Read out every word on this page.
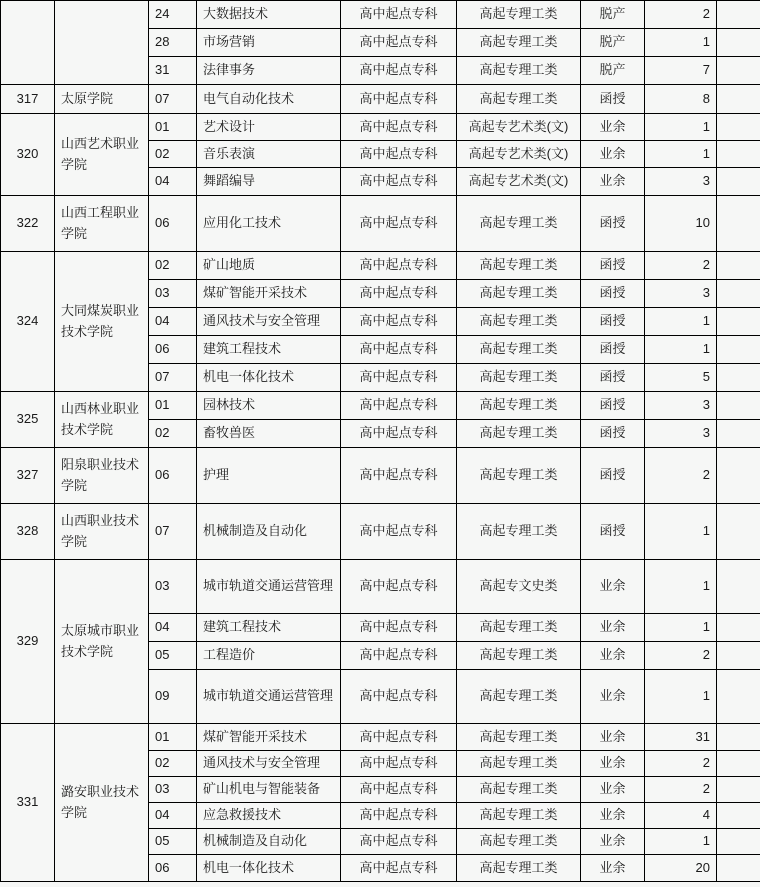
		24	大数据技术	高中起点专科	高起专理工类	脱产	2	
		28	市场营销	高中起点专科	高起专理工类	脱产	1	
		31	法律事务	高中起点专科	高起专理工类	脱产	7	
317	太原学院	07	电气自动化技术	高中起点专科	高起专理工类	函授	8	
320	山西艺术职业学院	01	艺术设计	高中起点专科	高起专艺术类(文)	业余	1	
		02	音乐表演	高中起点专科	高起专艺术类(文)	业余	1	
		04	舞蹈编导	高中起点专科	高起专艺术类(文)	业余	3	
322	山西工程职业学院	06	应用化工技术	高中起点专科	高起专理工类	函授	10	
324	大同煤炭职业技术学院	02	矿山地质	高中起点专科	高起专理工类	函授	2	
		03	煤矿智能开采技术	高中起点专科	高起专理工类	函授	3	
		04	通风技术与安全管理	高中起点专科	高起专理工类	函授	1	
		06	建筑工程技术	高中起点专科	高起专理工类	函授	1	
		07	机电一体化技术	高中起点专科	高起专理工类	函授	5	
325	山西林业职业技术学院	01	园林技术	高中起点专科	高起专理工类	函授	3	
		02	畜牧兽医	高中起点专科	高起专理工类	函授	3	
327	阳泉职业技术学院	06	护理	高中起点专科	高起专理工类	函授	2	
328	山西职业技术学院	07	机械制造及自动化	高中起点专科	高起专理工类	函授	1	
329	太原城市职业技术学院	03	城市轨道交通运营管理	高中起点专科	高起专文史类	业余	1	
		04	建筑工程技术	高中起点专科	高起专理工类	业余	1	
		05	工程造价	高中起点专科	高起专理工类	业余	2	
		09	城市轨道交通运营管理	高中起点专科	高起专理工类	业余	1	
331	潞安职业技术学院	01	煤矿智能开采技术	高中起点专科	高起专理工类	业余	31	
		02	通风技术与安全管理	高中起点专科	高起专理工类	业余	2	
		03	矿山机电与智能装备	高中起点专科	高起专理工类	业余	2	
		04	应急救援技术	高中起点专科	高起专理工类	业余	4	
		05	机械制造及自动化	高中起点专科	高起专理工类	业余	1	
		06	机电一体化技术	高中起点专科	高起专理工类	业余	20	
